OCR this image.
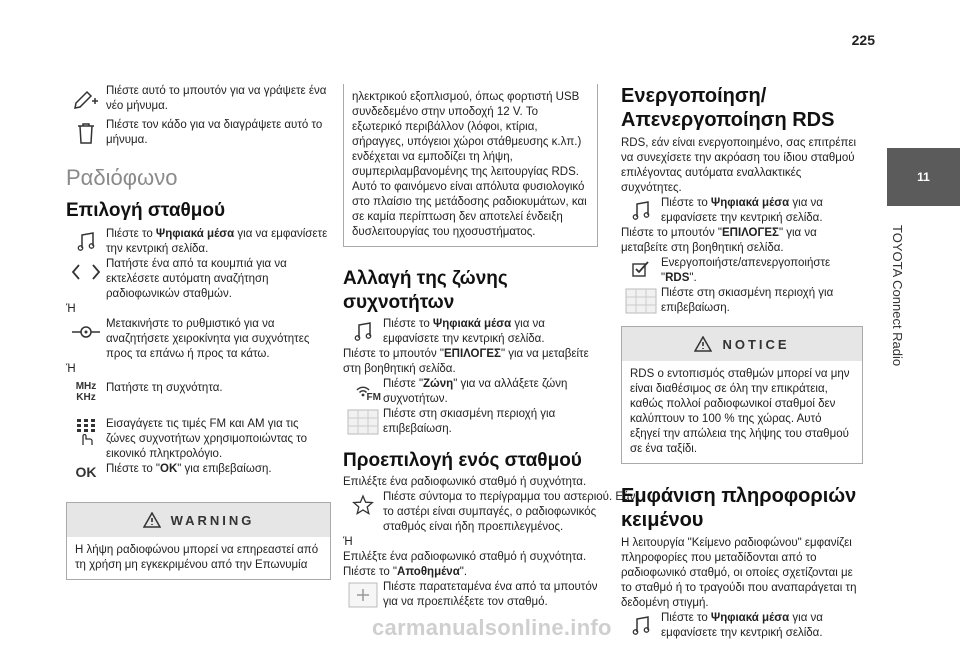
225
11
TOYOTA Connect Radio
Πιέστε αυτό το μπουτόν για να γράψετε ένα νέο μήνυμα.
Πιέστε τον κάδο για να διαγράψετε αυτό το μήνυμα.
Ραδιόφωνο
Επιλογή σταθμού
Πιέστε το Ψηφιακά μέσα για να εμφανίσετε την κεντρική σελίδα.
Πατήστε ένα από τα κουμπιά για να εκτελέσετε αυτόματη αναζήτηση ραδιοφωνικών σταθμών.
Ή
Μετακινήστε το ρυθμιστικό για να αναζητήσετε χειροκίνητα για συχνότητες προς τα επάνω ή προς τα κάτω.
Ή
MHz
KHz
Πατήστε τη συχνότητα.
Εισαγάγετε τις τιμές FM και AM για τις ζώνες συχνοτήτων χρησιμοποιώντας το εικονικό πληκτρολόγιο.
OK Πιέστε το "OK" για επιβεβαίωση.
WARNING
Η λήψη ραδιοφώνου μπορεί να επηρεαστεί από τη χρήση μη εγκεκριμένου από την Επωνυμία
ηλεκτρικού εξοπλισμού, όπως φορτιστή USB συνδεδεμένο στην υποδοχή 12 V. Το εξωτερικό περιβάλλον (λόφοι, κτίρια, σήραγγες, υπόγειοι χώροι στάθμευσης κ.λπ.) ενδέχεται να εμποδίζει τη λήψη, συμπεριλαμβανομένης της λειτουργίας RDS. Αυτό το φαινόμενο είναι απόλυτα φυσιολογικό στο πλαίσιο της μετάδοσης ραδιοκυμάτων, και σε καμία περίπτωση δεν αποτελεί ένδειξη δυσλειτουργίας του ηχοσυστήματος.
Αλλαγή της ζώνης συχνοτήτων
Πιέστε το Ψηφιακά μέσα για να εμφανίσετε την κεντρική σελίδα.
Πιέστε το μπουτόν "ΕΠΙΛΟΓΕΣ" για να μεταβείτε στη βοηθητική σελίδα.
FM
Πιέστε "Ζώνη" για να αλλάξετε ζώνη συχνοτήτων.
Πιέστε στη σκιασμένη περιοχή για επιβεβαίωση.
Προεπιλογή ενός σταθμού
Επιλέξτε ένα ραδιοφωνικό σταθμό ή συχνότητα.
Πιέστε σύντομα το περίγραμμα του αστεριού. Εάν το αστέρι είναι συμπαγές, ο ραδιοφωνικός σταθμός είναι ήδη προεπιλεγμένος.
Ή
Επιλέξτε ένα ραδιοφωνικό σταθμό ή συχνότητα.
Πιέστε το "Αποθημένα".
Πιέστε παρατεταμένα ένα από τα μπουτόν για να προεπιλέξετε τον σταθμό.
Ενεργοποίηση/
Απενεργοποίηση RDS
RDS, εάν είναι ενεργοποιημένο, σας επιτρέπει να συνεχίσετε την ακρόαση του ίδιου σταθμού επιλέγοντας αυτόματα εναλλακτικές συχνότητες.
Πιέστε το Ψηφιακά μέσα για να εμφανίσετε την κεντρική σελίδα.
Πιέστε το μπουτόν "ΕΠΙΛΟΓΕΣ" για να μεταβείτε στη βοηθητική σελίδα.
Ενεργοποιήστε/απενεργοποιήστε "RDS".
Πιέστε στη σκιασμένη περιοχή για επιβεβαίωση.
NOTICE
RDS ο εντοπισμός σταθμών μπορεί να μην είναι διαθέσιμος σε όλη την επικράτεια, καθώς πολλοί ραδιοφωνικοί σταθμοί δεν καλύπτουν το 100 % της χώρας. Αυτό εξηγεί την απώλεια της λήψης του σταθμού σε ένα ταξίδι.
Εμφάνιση πληροφοριών
κειμένου
Η λειτουργία "Κείμενο ραδιοφώνου" εμφανίζει πληροφορίες που μεταδίδονται από το ραδιοφωνικό σταθμό, οι οποίες σχετίζονται με το σταθμό ή το τραγούδι που αναπαράγεται τη δεδομένη στιγμή.
Πιέστε το Ψηφιακά μέσα για να εμφανίσετε την κεντρική σελίδα.
carmanualsonline.info
